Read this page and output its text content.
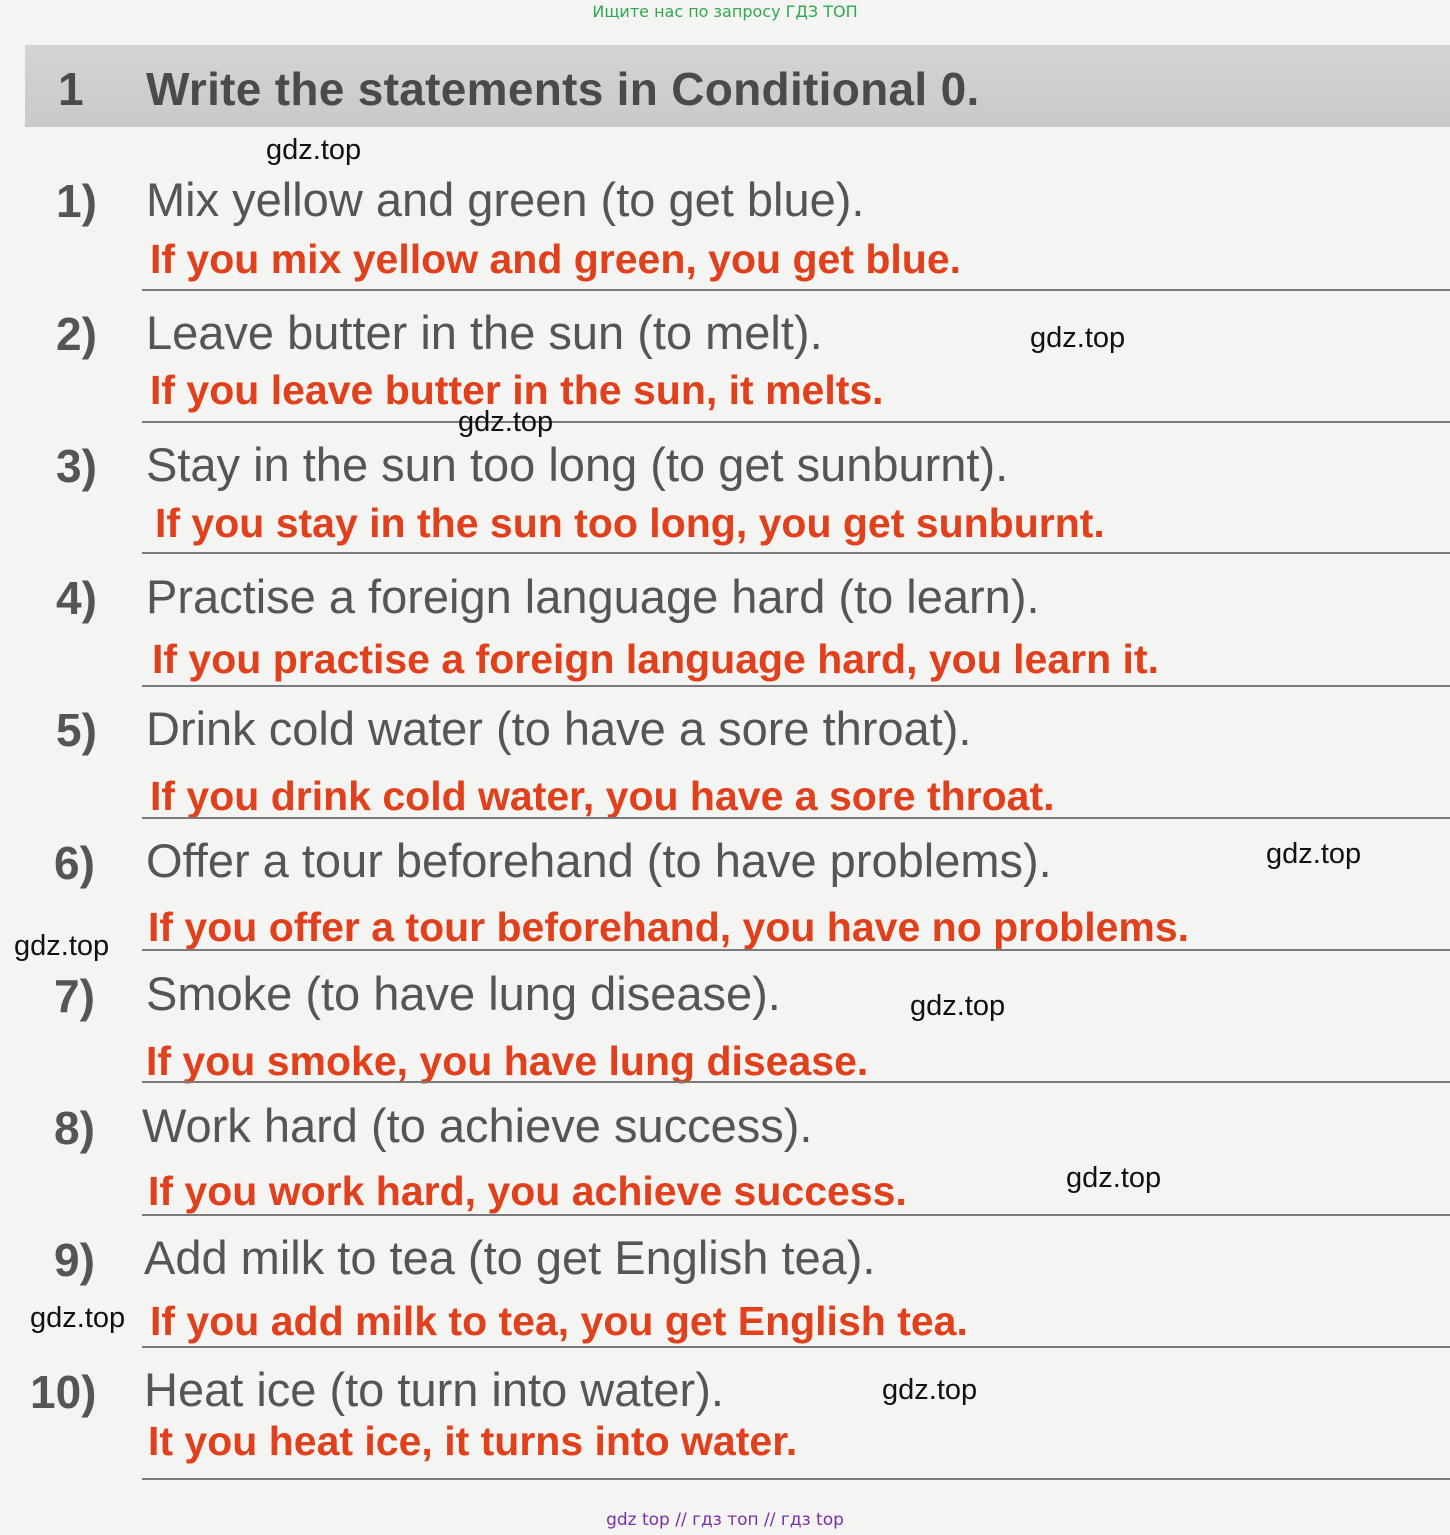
Ищите нас по запросу ГДЗ ТОП
1 Write the statements in Conditional 0.
1) Mix yellow and green (to get blue).
If you mix yellow and green, you get blue.
2) Leave butter in the sun (to melt).
If you leave butter in the sun, it melts.
3) Stay in the sun too long (to get sunburnt).
If you stay in the sun too long, you get sunburnt.
4) Practise a foreign language hard (to learn).
If you practise a foreign language hard, you learn it.
5) Drink cold water (to have a sore throat).
If you drink cold water, you have a sore throat.
6) Offer a tour beforehand (to have problems).
If you offer a tour beforehand, you have no problems.
7) Smoke (to have lung disease).
If you smoke, you have lung disease.
8) Work hard (to achieve success).
If you work hard, you achieve success.
9) Add milk to tea (to get English tea).
If you add milk to tea, you get English tea.
10) Heat ice (to turn into water).
It you heat ice, it turns into water.
gdz.top
gdz.top
gdz.top
gdz.top
gdz.top
gdz.top
gdz.top
gdz.top
gdz.top
gdz top // гдз топ // гдз top
